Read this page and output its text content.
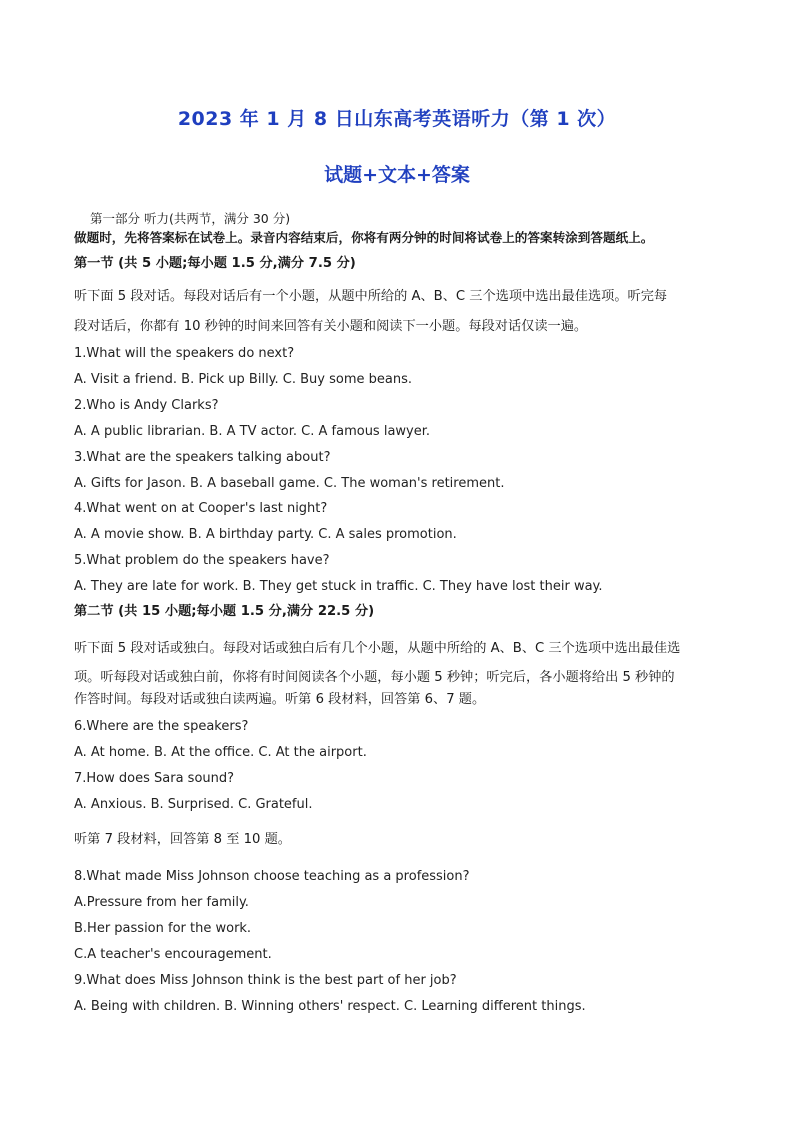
2023 年 1 月 8 日山东高考英语听力（第 1 次）
试题+文本+答案
第一部分 听力(共两节，满分 30 分)
做题时，先将答案标在试卷上。录音内容结束后，你将有两分钟的时间将试卷上的答案转涂到答题纸上。
第一节 (共 5 小题;每小题 1.5 分,满分 7.5 分)
听下面 5 段对话。每段对话后有一个小题，从题中所给的 A、B、C 三个选项中选出最佳选项。听完每
段对话后，你都有 10 秒钟的时间来回答有关小题和阅读下一小题。每段对话仅读一遍。
1.What will the speakers do next?
A. Visit a friend. B. Pick up Billy. C. Buy some beans.
2.Who is Andy Clarks?
A. A public librarian. B. A TV actor. C. A famous lawyer.
3.What are the speakers talking about?
A. Gifts for Jason. B. A baseball game. C. The woman's retirement.
4.What went on at Cooper's last night?
A. A movie show. B. A birthday party. C. A sales promotion.
5.What problem do the speakers have?
A. They are late for work. B. They get stuck in traffic. C. They have lost their way.
第二节 (共 15 小题;每小题 1.5 分,满分 22.5 分)
听下面 5 段对话或独白。每段对话或独白后有几个小题，从题中所给的 A、B、C 三个选项中选出最佳选
项。听每段对话或独白前，你将有时间阅读各个小题，每小题 5 秒钟；听完后，各小题将给出 5 秒钟的
作答时间。每段对话或独白读两遍。听第 6 段材料，回答第 6、7 题。
6.Where are the speakers?
A. At home. B. At the office. C. At the airport.
7.How does Sara sound?
A. Anxious. B. Surprised. C. Grateful.
听第 7 段材料，回答第 8 至 10 题。
8.What made Miss Johnson choose teaching as a profession?
A.Pressure from her family.
B.Her passion for the work.
C.A teacher's encouragement.
9.What does Miss Johnson think is the best part of her job?
A. Being with children. B. Winning others' respect. C. Learning different things.
